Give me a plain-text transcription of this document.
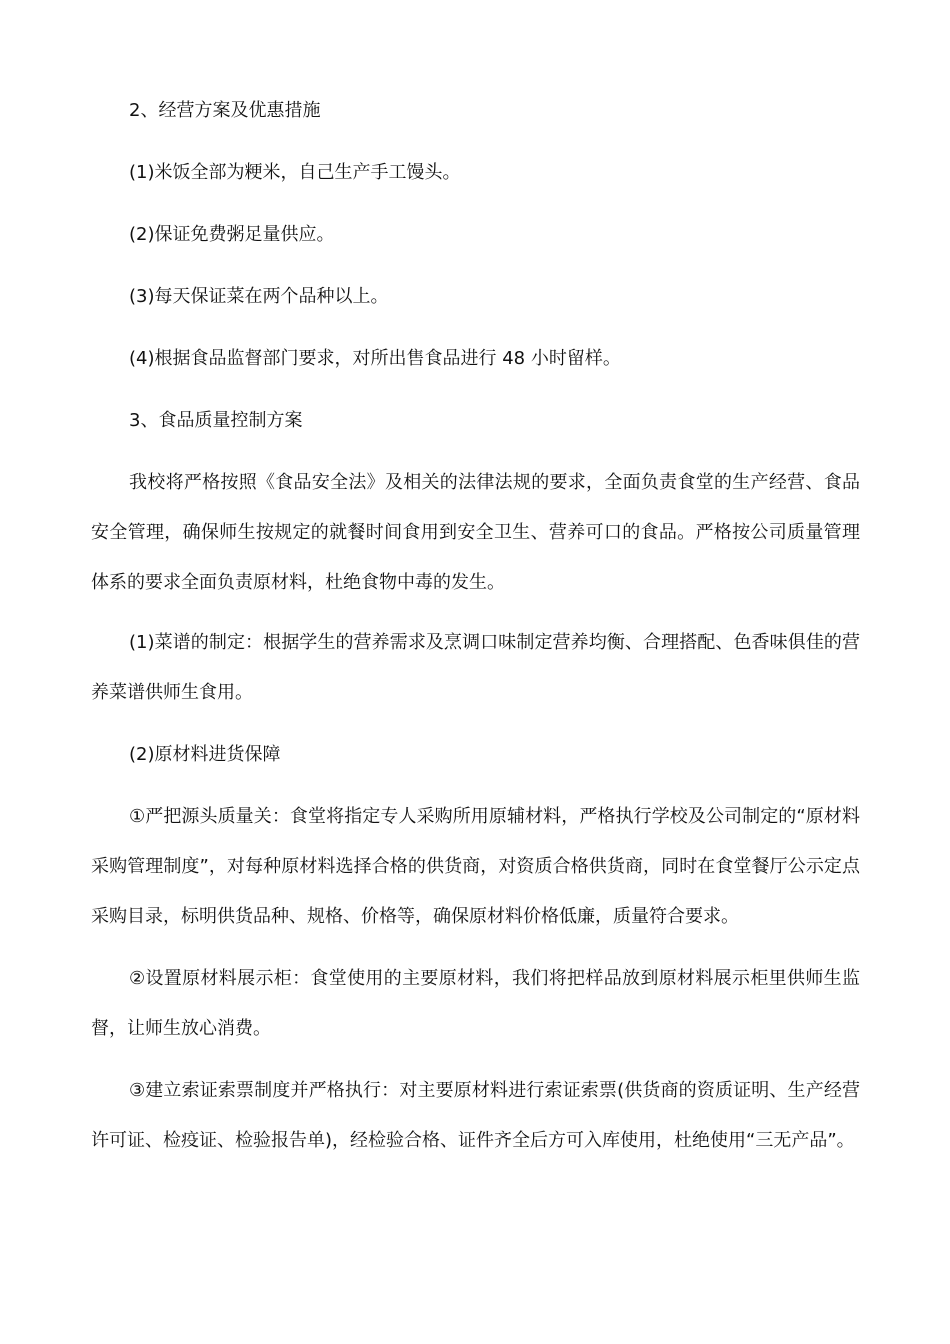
2、经营方案及优惠措施

(1)米饭全部为粳米，自己生产手工馒头。

(2)保证免费粥足量供应。

(3)每天保证菜在两个品种以上。

(4)根据食品监督部门要求，对所出售食品进行 48 小时留样。

3、食品质量控制方案

我校将严格按照《食品安全法》及相关的法律法规的要求，全面负责食堂的生产经营、食品安全管理，确保师生按规定的就餐时间食用到安全卫生、营养可口的食品。严格按公司质量管理体系的要求全面负责原材料，杜绝食物中毒的发生。

(1)菜谱的制定：根据学生的营养需求及烹调口味制定营养均衡、合理搭配、色香味俱佳的营养菜谱供师生食用。

(2)原材料进货保障

①严把源头质量关：食堂将指定专人采购所用原辅材料，严格执行学校及公司制定的“原材料采购管理制度”，对每种原材料选择合格的供货商，对资质合格供货商，同时在食堂餐厅公示定点采购目录，标明供货品种、规格、价格等，确保原材料价格低廉，质量符合要求。

②设置原材料展示柜：食堂使用的主要原材料，我们将把样品放到原材料展示柜里供师生监督，让师生放心消费。

③建立索证索票制度并严格执行：对主要原材料进行索证索票(供货商的资质证明、生产经营许可证、检疫证、检验报告单)，经检验合格、证件齐全后方可入库使用，杜绝使用“三无产品”。
